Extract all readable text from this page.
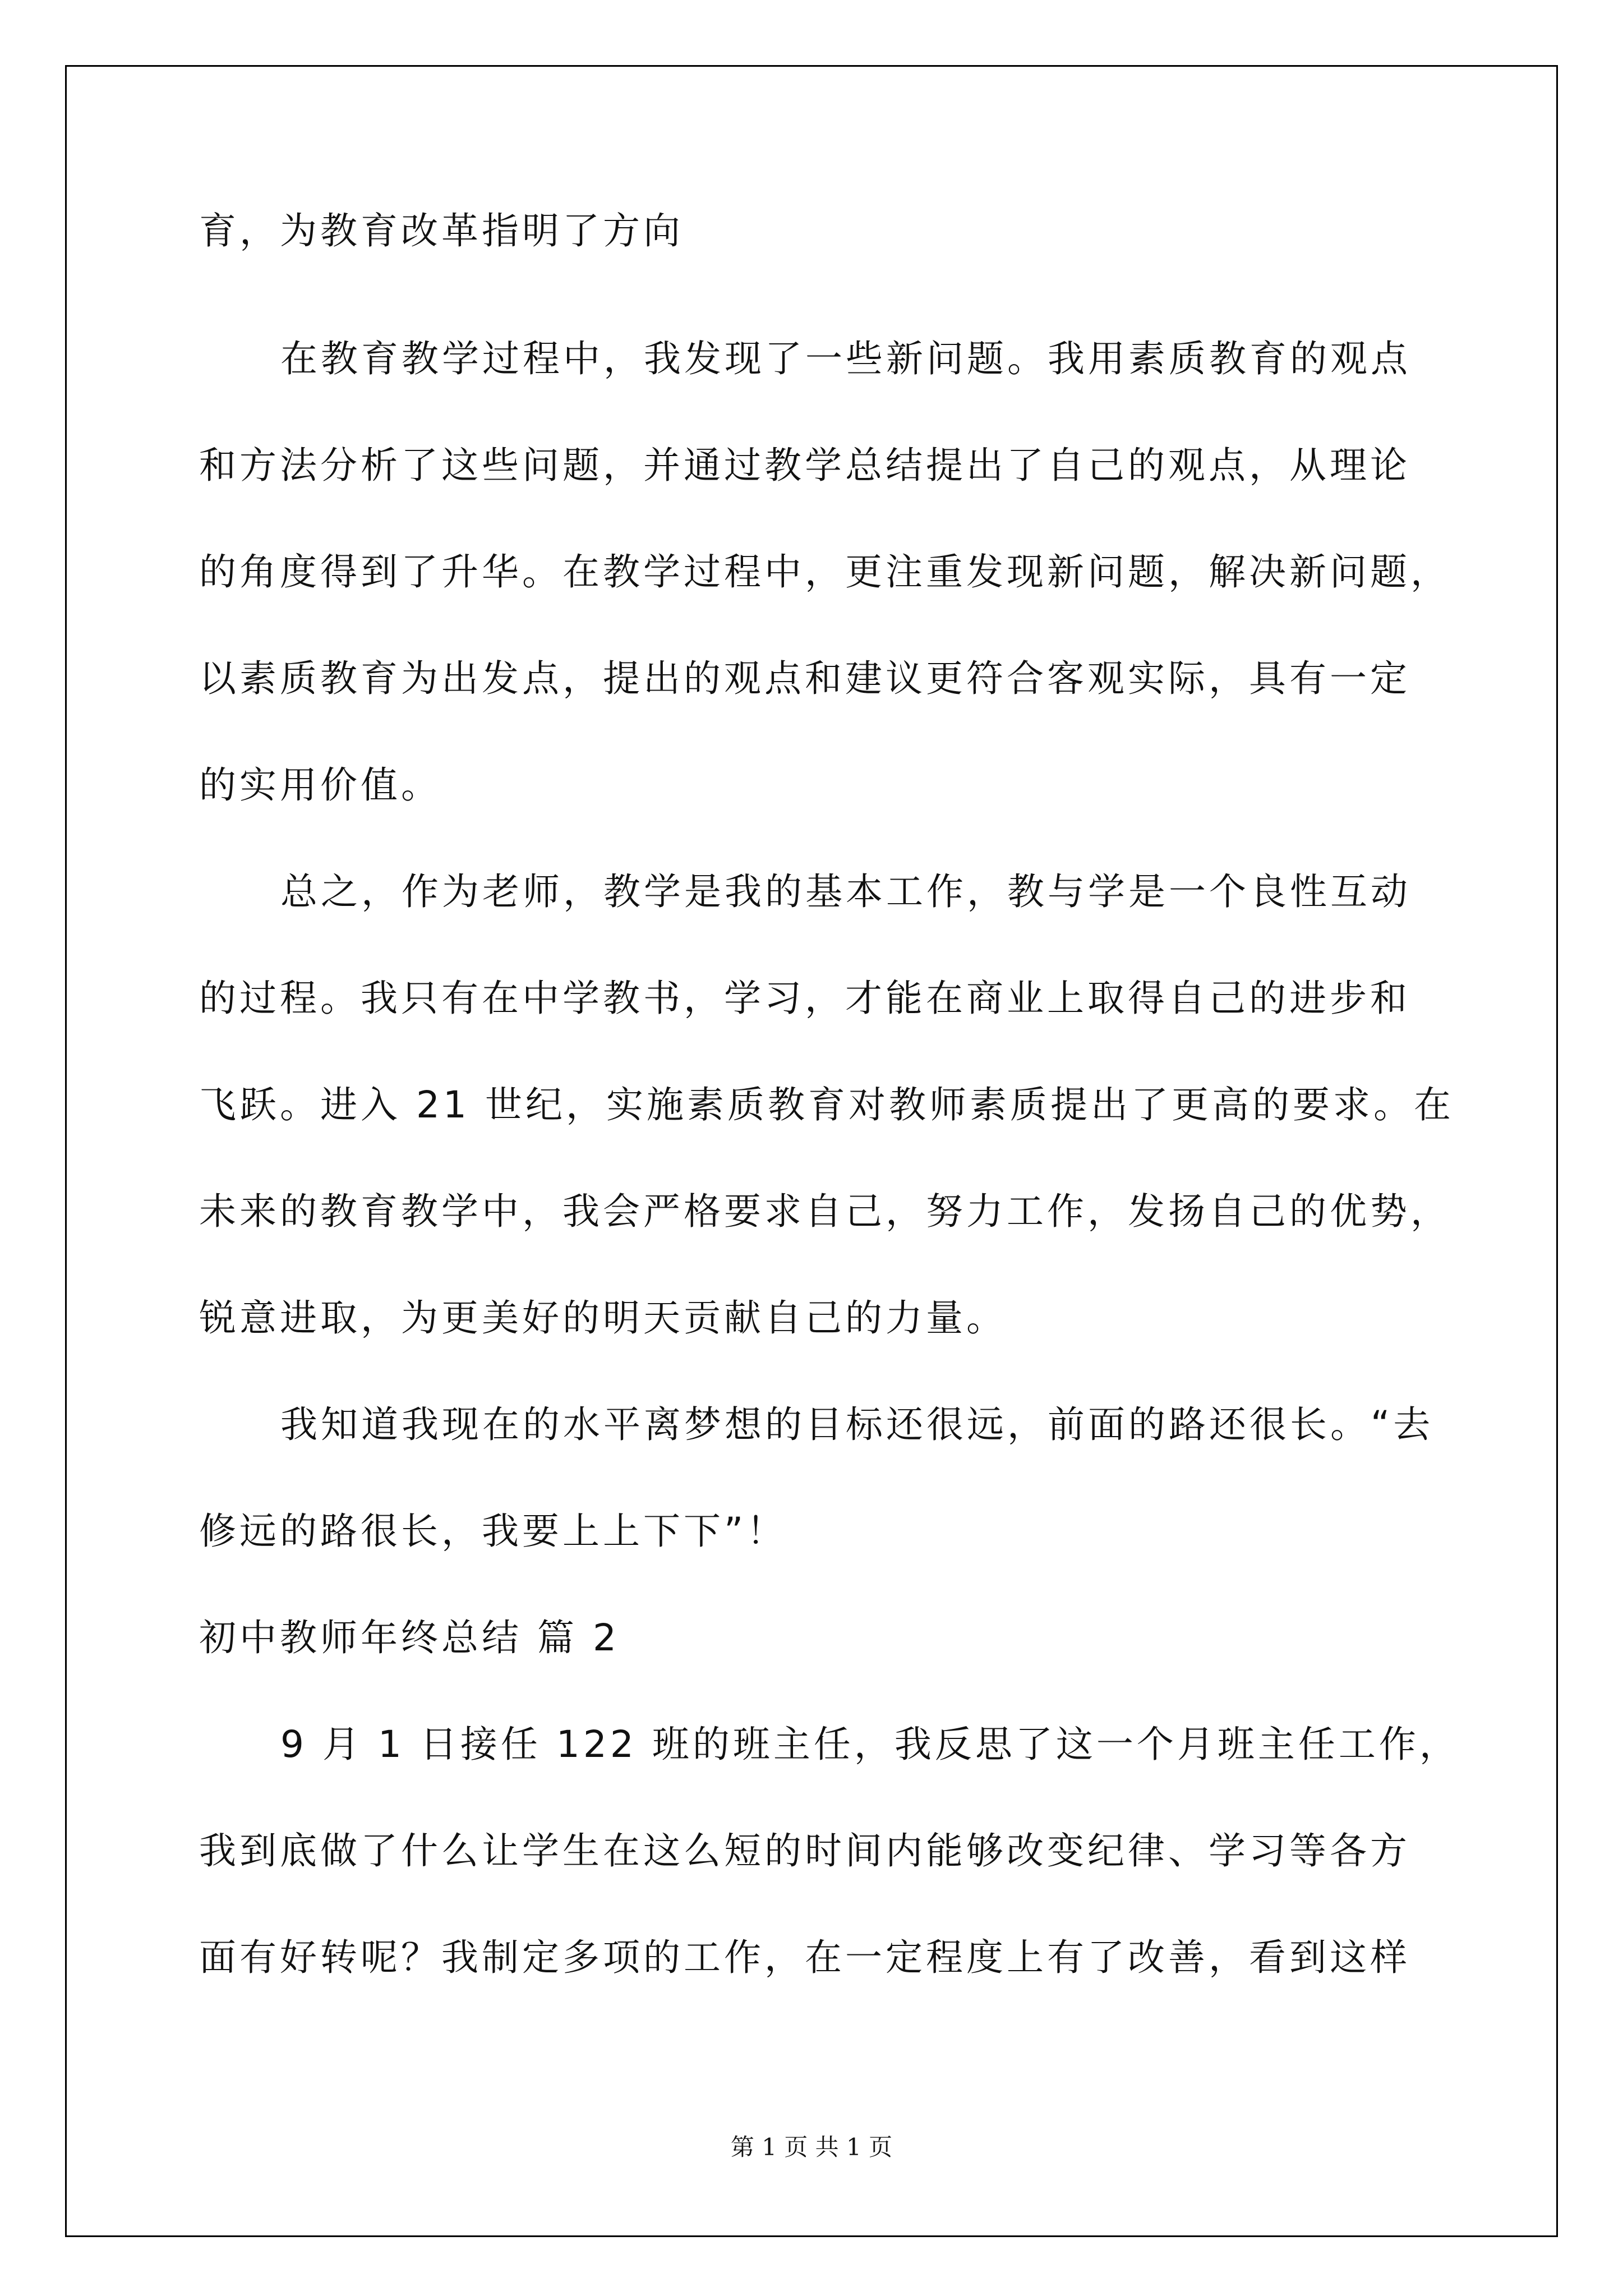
育，为教育改革指明了方向
在教育教学过程中，我发现了一些新问题。我用素质教育的观点
和方法分析了这些问题，并通过教学总结提出了自己的观点，从理论
的角度得到了升华。在教学过程中，更注重发现新问题，解决新问题，
以素质教育为出发点，提出的观点和建议更符合客观实际，具有一定
的实用价值。
总之，作为老师，教学是我的基本工作，教与学是一个良性互动
的过程。我只有在中学教书，学习，才能在商业上取得自己的进步和
飞跃。进入 21 世纪，实施素质教育对教师素质提出了更高的要求。在
未来的教育教学中，我会严格要求自己，努力工作，发扬自己的优势，
锐意进取，为更美好的明天贡献自己的力量。
我知道我现在的水平离梦想的目标还很远，前面的路还很长。“去
修远的路很长，我要上上下下”！
初中教师年终总结 篇 2
9 月 1 日接任 122 班的班主任，我反思了这一个月班主任工作，
我到底做了什么让学生在这么短的时间内能够改变纪律、学习等各方
面有好转呢？我制定多项的工作，在一定程度上有了改善，看到这样
第 1 页 共 1 页
